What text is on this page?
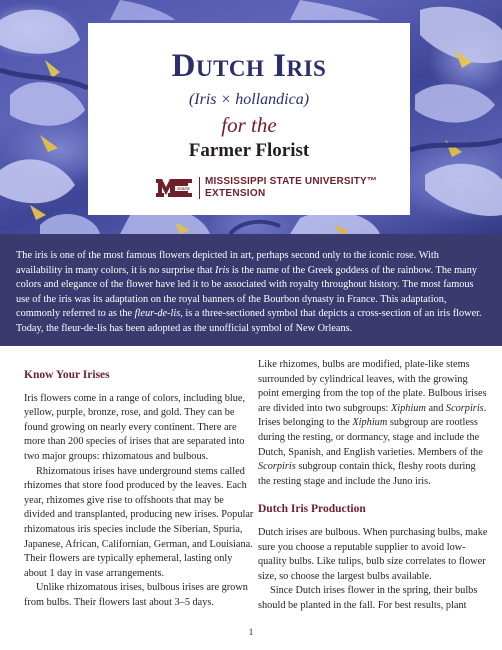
Dutch Iris
(Iris × hollandica)
for the
Farmer Florist
STATE
MISSISSIPPI STATE UNIVERSITY™
EXTENSION

The iris is one of the most famous flowers depicted in art, perhaps second only to the iconic rose. With availability in many colors, it is no surprise that Iris is the name of the Greek goddess of the rainbow. The many colors and elegance of the flower have led it to be associated with royalty throughout history. The most famous use of the iris was its adaptation on the royal banners of the Bourbon dynasty in France. This adaptation, commonly referred to as the fleur-de-lis, is a three-sectioned symbol that depicts a cross-section of an iris flower. Today, the fleur-de-lis has been adopted as the unofficial symbol of New Orleans.

Know Your Irises

Iris flowers come in a range of colors, including blue, yellow, purple, bronze, rose, and gold. They can be found growing on nearly every continent. There are more than 200 species of irises that are separated into two major groups: rhizomatous and bulbous.

Rhizomatous irises have underground stems called rhizomes that store food produced by the leaves. Each year, rhizomes give rise to offshoots that may be divided and transplanted, producing new irises. Popular rhizomatous iris species include the Siberian, Spuria, Japanese, African, Californian, German, and Louisiana. Their flowers are typically ephemeral, lasting only about 1 day in vase arrangements.

Unlike rhizomatous irises, bulbous irises are grown from bulbs. Their flowers last about 3–5 days.

Like rhizomes, bulbs are modified, plate-like stems surrounded by cylindrical leaves, with the growing point emerging from the top of the plate. Bulbous irises are divided into two subgroups: Xiphium and Scorpiris. Irises belonging to the Xiphium subgroup are rootless during the resting, or dormancy, stage and include the Dutch, Spanish, and English varieties. Members of the Scorpiris subgroup contain thick, fleshy roots during the resting stage and include the Juno iris.

Dutch Iris Production

Dutch irises are bulbous. When purchasing bulbs, make sure you choose a reputable supplier to avoid low-quality bulbs. Like tulips, bulb size correlates to flower size, so choose the largest bulbs available.

Since Dutch irises flower in the spring, their bulbs should be planted in the fall. For best results, plant

1
